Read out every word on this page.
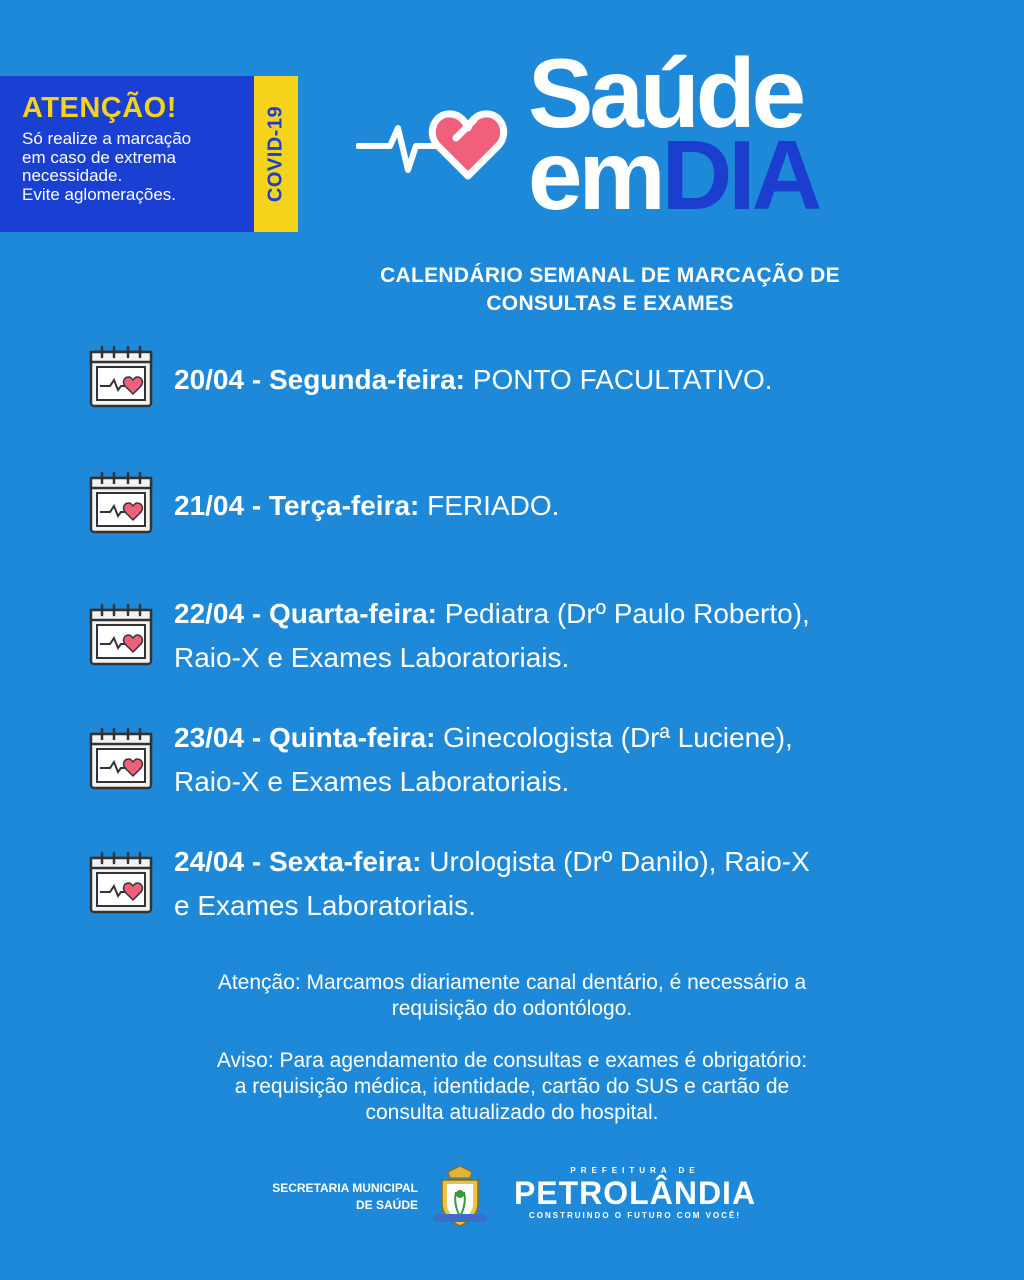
ATENÇÃO!
Só realize a marcação
em caso de extrema
necessidade.
Evite aglomerações.	COVID-19
Saúde
emDIA
CALENDÁRIO SEMANAL DE MARCAÇÃO DE
CONSULTAS E EXAMES
20/04 - Segunda-feira: PONTO FACULTATIVO.
21/04 - Terça-feira: FERIADO.
22/04 - Quarta-feira: Pediatra (Drº Paulo Roberto),
Raio-X e Exames Laboratoriais.
23/04 - Quinta-feira: Ginecologista (Drª Luciene),
Raio-X e Exames Laboratoriais.
24/04 - Sexta-feira: Urologista (Drº Danilo), Raio-X
e Exames Laboratoriais.
Atenção: Marcamos diariamente canal dentário, é necessário a
requisição do odontólogo.
Aviso: Para agendamento de consultas e exames é obrigatório:
a requisição médica, identidade, cartão do SUS e cartão de
consulta atualizado do hospital.
SECRETARIA MUNICIPAL
DE SAÚDE
PREFEITURA DE
PETROLÂNDIA
CONSTRUINDO O FUTURO COM VOCÊ!
